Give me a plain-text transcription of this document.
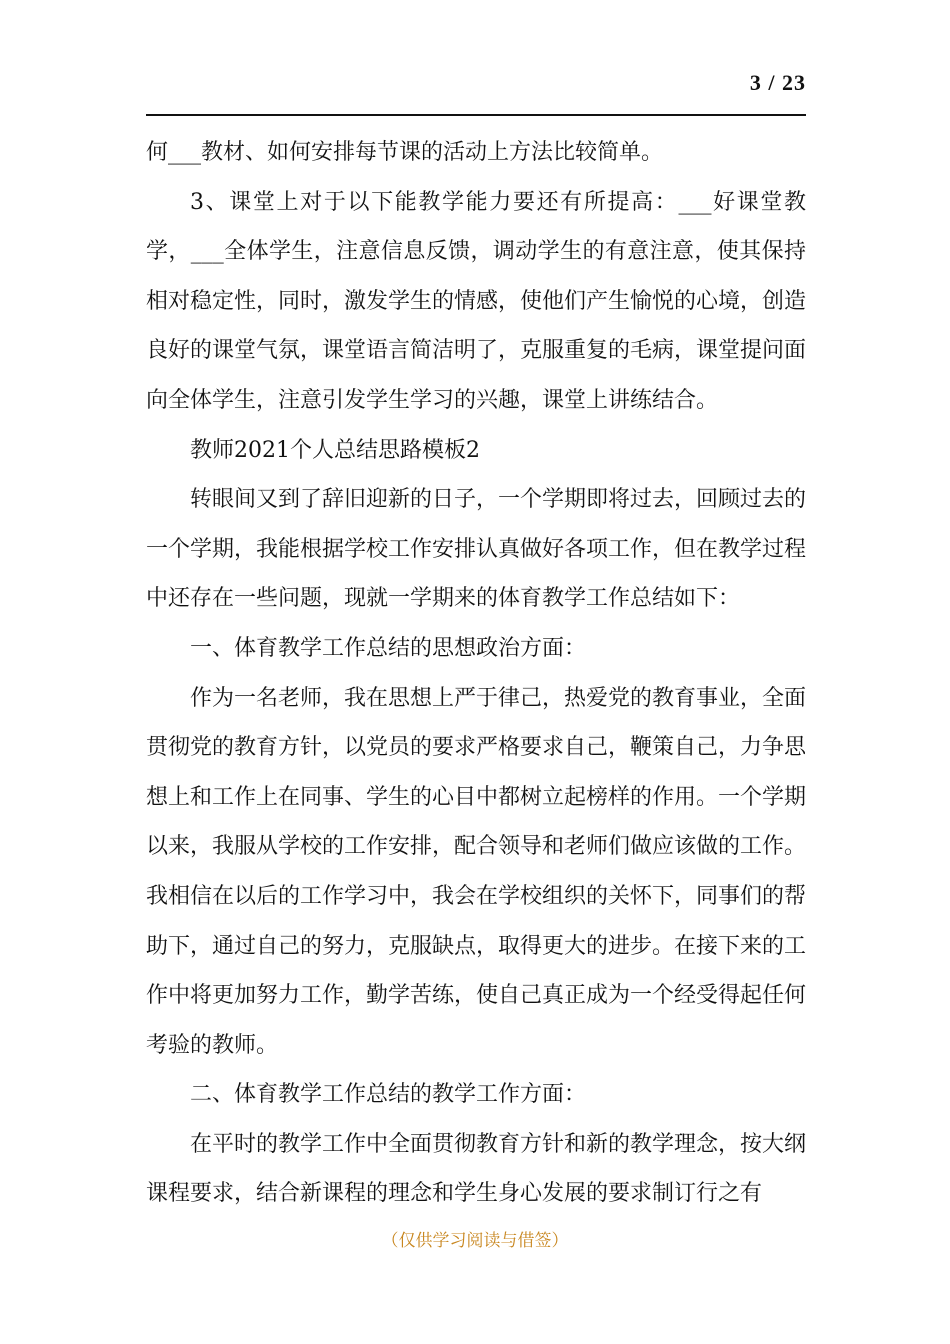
3 / 23

何___教材、如何安排每节课的活动上方法比较简单。

3、课堂上对于以下能教学能力要还有所提高：___好课堂教学，___全体学生，注意信息反馈，调动学生的有意注意，使其保持相对稳定性，同时，激发学生的情感，使他们产生愉悦的心境，创造良好的课堂气氛，课堂语言简洁明了，克服重复的毛病，课堂提问面向全体学生，注意引发学生学习的兴趣，课堂上讲练结合。

教师2021个人总结思路模板2

转眼间又到了辞旧迎新的日子，一个学期即将过去，回顾过去的一个学期，我能根据学校工作安排认真做好各项工作，但在教学过程中还存在一些问题，现就一学期来的体育教学工作总结如下：

一、体育教学工作总结的思想政治方面：

作为一名老师，我在思想上严于律己，热爱党的教育事业，全面贯彻党的教育方针，以党员的要求严格要求自己，鞭策自己，力争思想上和工作上在同事、学生的心目中都树立起榜样的作用。一个学期以来，我服从学校的工作安排，配合领导和老师们做应该做的工作。我相信在以后的工作学习中，我会在学校组织的关怀下，同事们的帮助下，通过自己的努力，克服缺点，取得更大的进步。在接下来的工作中将更加努力工作，勤学苦练，使自己真正成为一个经受得起任何考验的教师。

二、体育教学工作总结的教学工作方面：

在平时的教学工作中全面贯彻教育方针和新的教学理念，按大纲课程要求，结合新课程的理念和学生身心发展的要求制订行之有

（仅供学习阅读与借签）
